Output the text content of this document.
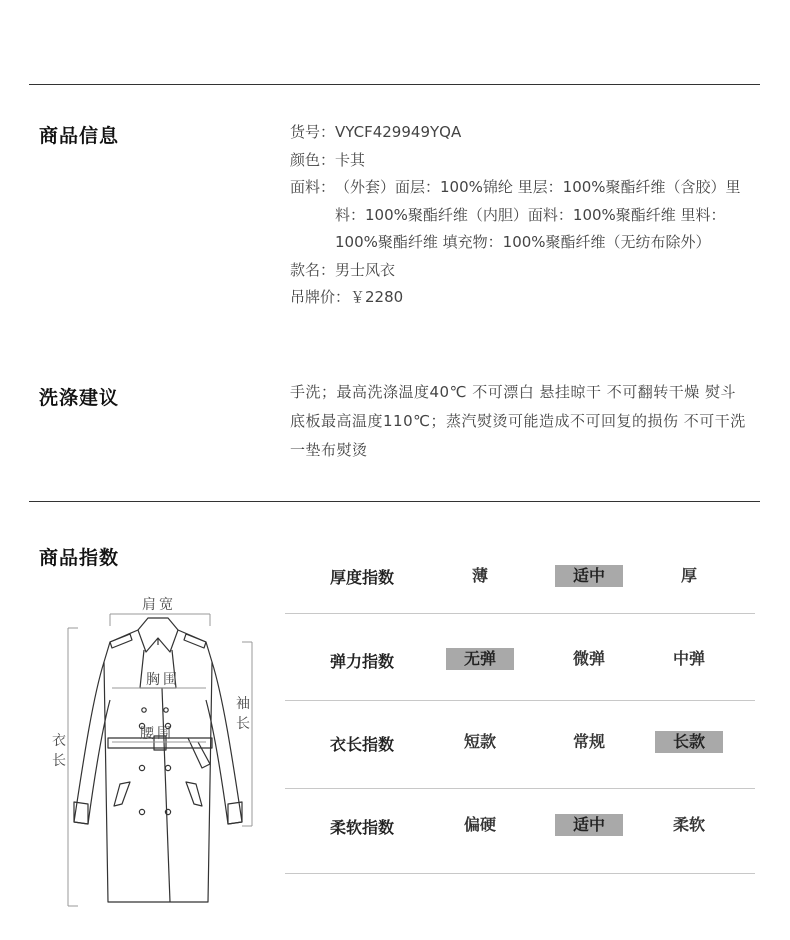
商品信息	货号： VYCF429949YQA
颜色： 卡其
面料： （外套）面层：100%锦纶 里层：100%聚酯纤维（含胶）里料：100%聚酯纤维（内胆）面料：100%聚酯纤维 里料：100%聚酯纤维 填充物：100%聚酯纤维（无纺布除外）
款名： 男士风衣
吊牌价： ￥2280
洗涤建议	手洗；最高洗涤温度40℃ 不可漂白 悬挂晾干 不可翻转干燥 熨斗底板最高温度110℃；蒸汽熨烫可能造成不可回复的损伤 不可干洗 一垫布熨烫
商品指数
厚度指数	薄	适中	厚
弹力指数	无弹	微弹	中弹
衣长指数	短款	常规	长款
柔软指数	偏硬	适中	柔软
肩宽
胸围
腰围
袖
长
衣
长
